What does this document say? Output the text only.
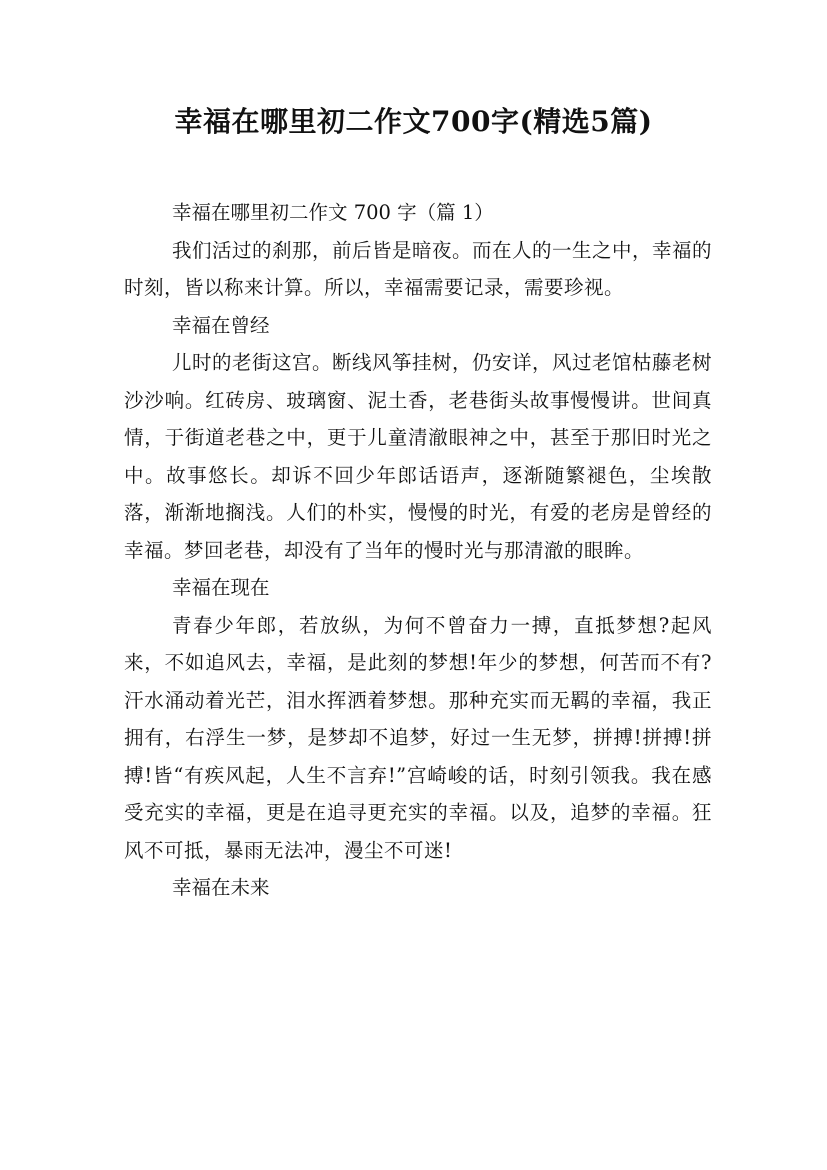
幸福在哪里初二作文700字(精选5篇)
幸福在哪里初二作文 700 字（篇 1）
我们活过的刹那，前后皆是暗夜。而在人的一生之中，幸福的时刻，皆以称来计算。所以，幸福需要记录，需要珍视。
幸福在曾经
儿时的老街这宫。断线风筝挂树，仍安详，风过老馆枯藤老树沙沙响。红砖房、玻璃窗、泥土香，老巷街头故事慢慢讲。世间真情，于街道老巷之中，更于儿童清澈眼神之中，甚至于那旧时光之中。故事悠长。却诉不回少年郎话语声，逐渐随繁褪色，尘埃散落，渐渐地搁浅。人们的朴实，慢慢的时光，有爱的老房是曾经的幸福。梦回老巷，却没有了当年的慢时光与那清澈的眼眸。
幸福在现在
青春少年郎，若放纵，为何不曾奋力一搏，直抵梦想?起风来，不如追风去，幸福，是此刻的梦想!年少的梦想，何苦而不有?汗水涌动着光芒，泪水挥洒着梦想。那种充实而无羁的幸福，我正拥有，右浮生一梦，是梦却不追梦，好过一生无梦，拼搏!拼搏!拼搏!皆“有疾风起，人生不言弃!”宫崎峻的话，时刻引领我。我在感受充实的幸福，更是在追寻更充实的幸福。以及，追梦的幸福。狂风不可抵，暴雨无法冲，漫尘不可迷!
幸福在未来
